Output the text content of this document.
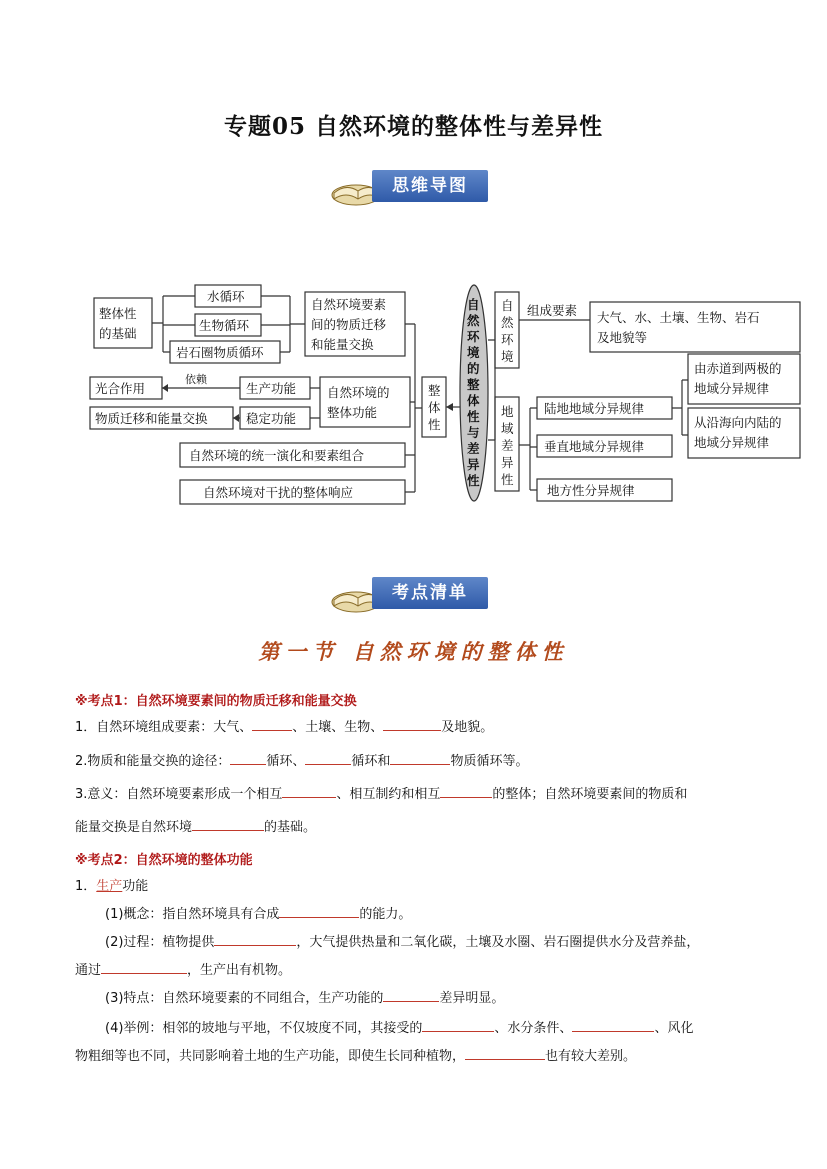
专题05 自然环境的整体性与差异性
思维导图
整体性
的基础
水循环
生物循环
岩石圈物质循环
自然环境要素
间的物质迁移
和能量交换
依赖
光合作用
物质迁移和能量交换
生产功能
稳定功能
自然环境的
整体功能
自然环境的统一演化和要素组合
自然环境对干扰的整体响应
整
体
性
自
然
环
境
的
整
体
性
与
差
异
性
自
然
环
境
组成要素 大气、水、土壤、生物、岩石
及地貌等
地
域
差
异
性
陆地地域分异规律
垂直地域分异规律
地方性分异规律
由赤道到两极的
地域分异规律
从沿海向内陆的
地域分异规律
考点清单
第一节 自然环境的整体性

※考点1：自然环境要素间的物质迁移和能量交换

1．自然环境组成要素：大气、	、土壤、生物、	及地貌。

2.物质和能量交换的途径：	循环、	循环和	物质循环等。

3.意义：自然环境要素形成一个相互	、相互制约和相互	的整体；自然环境要素间的物质和

能量交换是自然环境	的基础。

※考点2：自然环境的整体功能

1．生产功能

(1)概念：指自然环境具有合成	的能力。

(2)过程：植物提供	，大气提供热量和二氧化碳，土壤及水圈、岩石圈提供水分及营养盐，

通过	，生产出有机物。

(3)特点：自然环境要素的不同组合，生产功能的	差异明显。

(4)举例：相邻的坡地与平地，不仅坡度不同，其接受的	、水分条件、	、风化

物粗细等也不同，共同影响着土地的生产功能，即使生长同种植物，	也有较大差别。
